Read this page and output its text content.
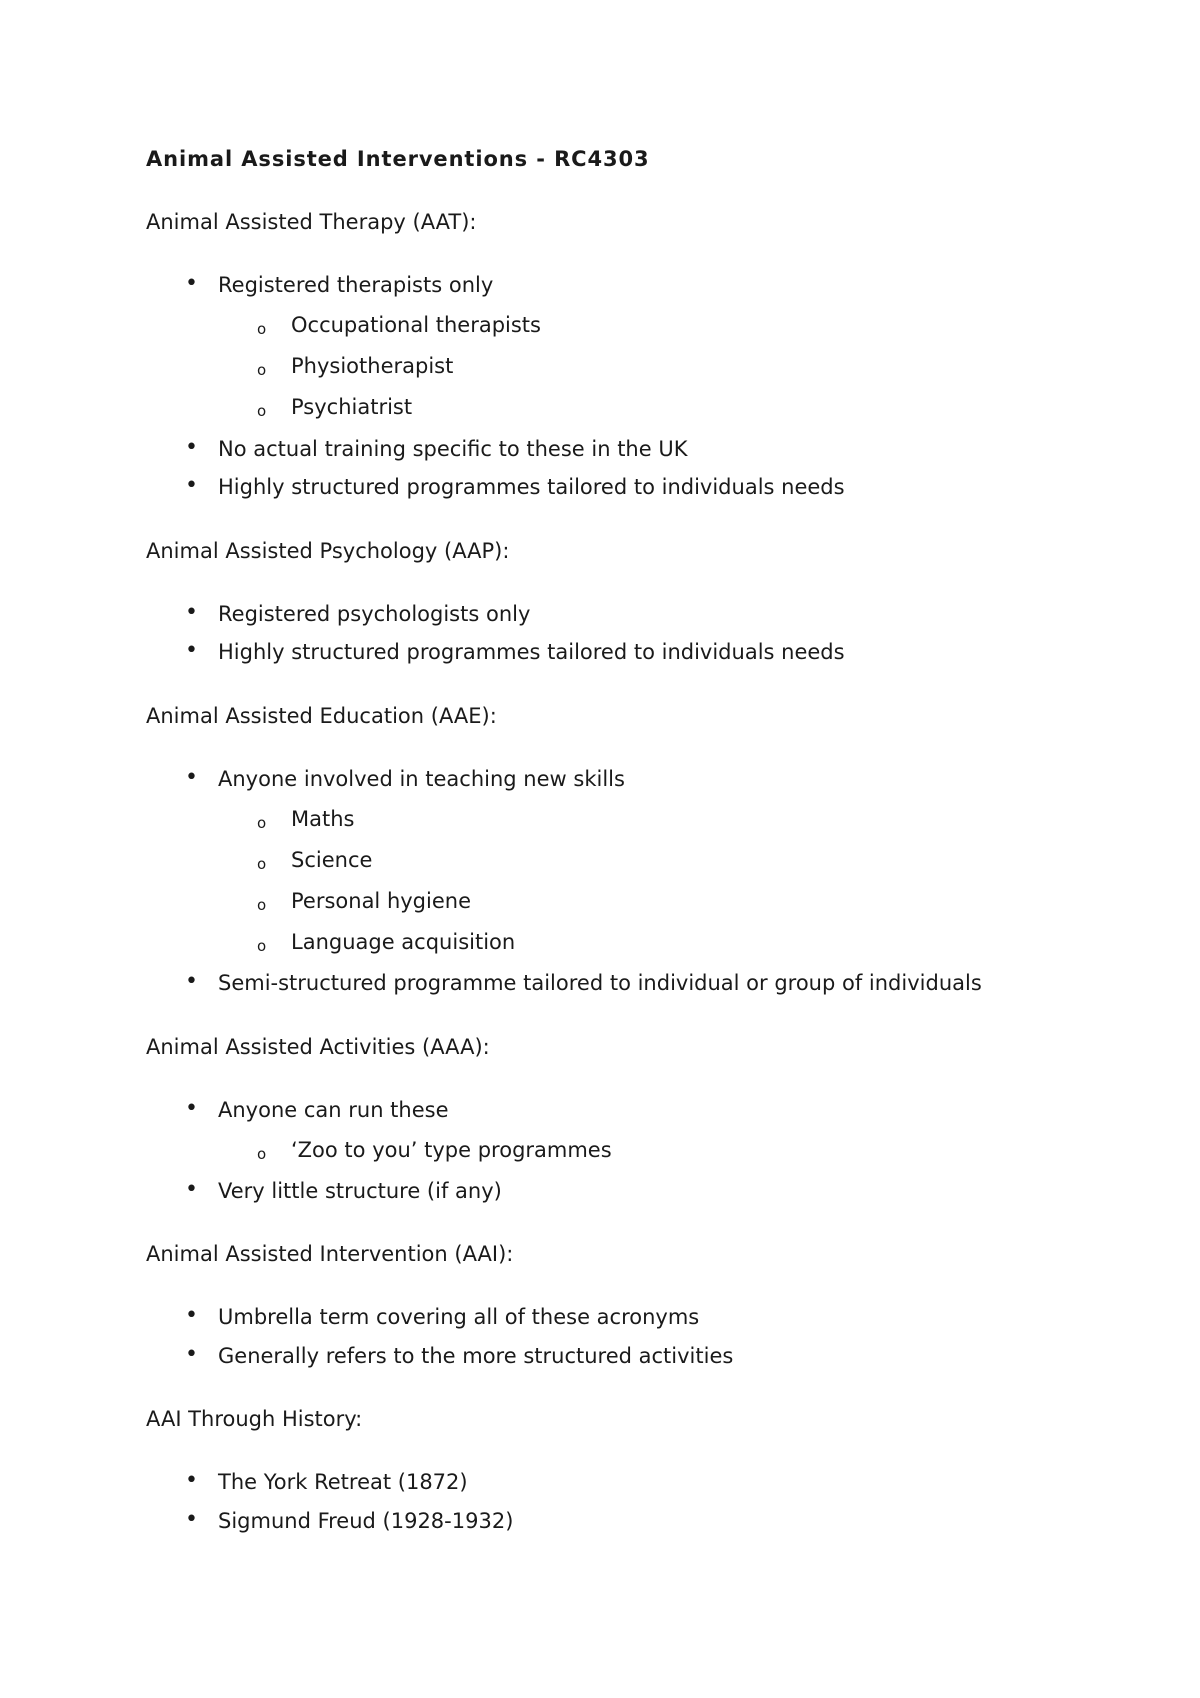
Animal Assisted Interventions - RC4303
Animal Assisted Therapy (AAT):
• Registered therapists only
o Occupational therapists
o Physiotherapist
o Psychiatrist
• No actual training specific to these in the UK
• Highly structured programmes tailored to individuals needs
Animal Assisted Psychology (AAP):
• Registered psychologists only
• Highly structured programmes tailored to individuals needs
Animal Assisted Education (AAE):
• Anyone involved in teaching new skills
o Maths
o Science
o Personal hygiene
o Language acquisition
• Semi-structured programme tailored to individual or group of individuals
Animal Assisted Activities (AAA):
• Anyone can run these
o ‘Zoo to you’ type programmes
• Very little structure (if any)
Animal Assisted Intervention (AAI):
• Umbrella term covering all of these acronyms
• Generally refers to the more structured activities
AAI Through History:
• The York Retreat (1872)
• Sigmund Freud (1928-1932)
